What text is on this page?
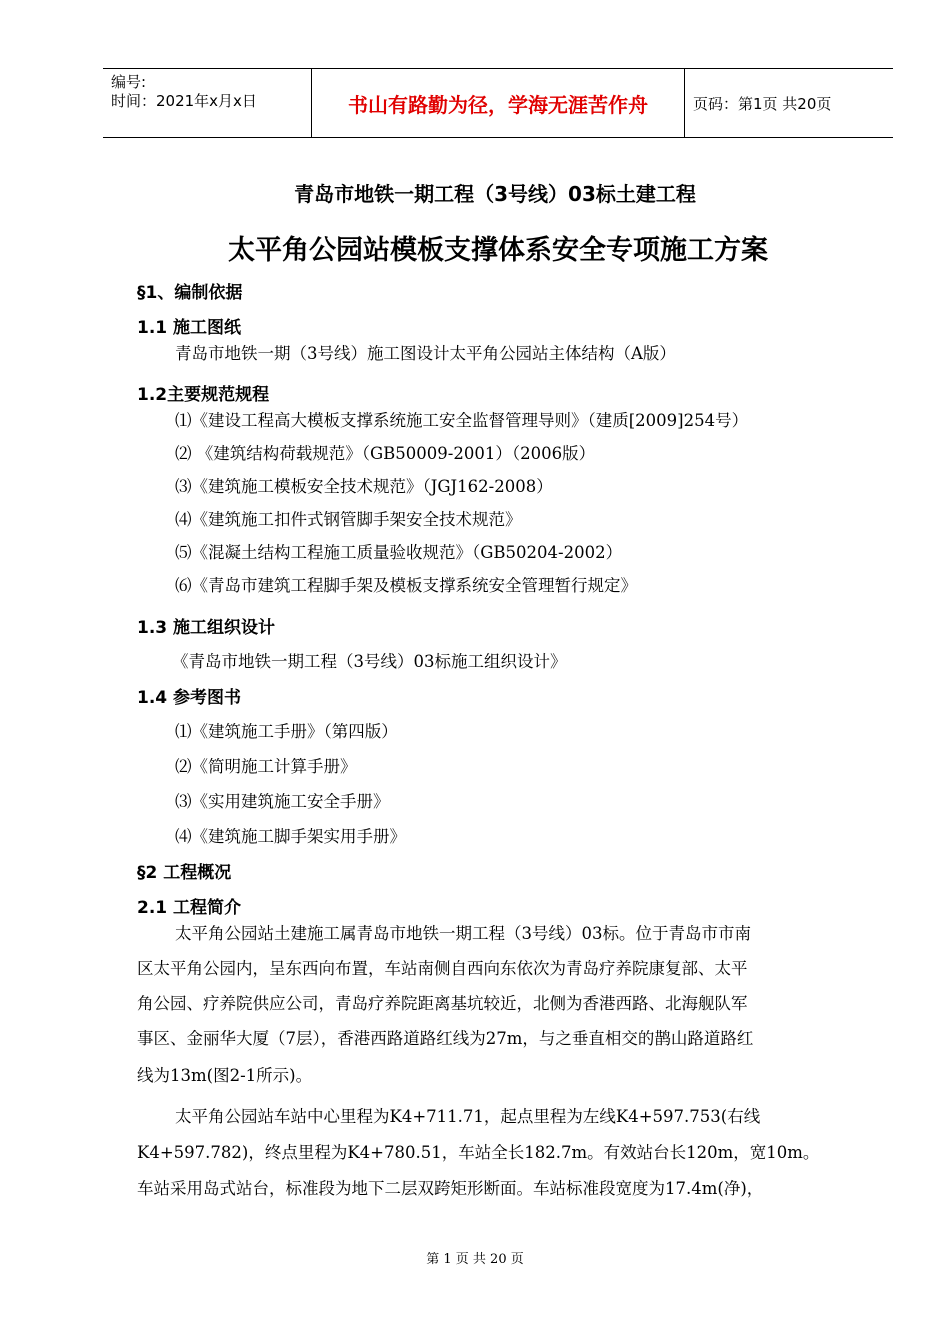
编号:
时间：2021年x月x日	书山有路勤为径，学海无涯苦作舟	页码：第1页 共20页
青岛市地铁一期工程（3号线）03标土建工程
太平角公园站模板支撑体系安全专项施工方案
§1、编制依据
1.1 施工图纸
青岛市地铁一期（3号线）施工图设计太平角公园站主体结构（A版）
1.2主要规范规程
⑴《建设工程高大模板支撑系统施工安全监督管理导则》（建质[2009]254号）
⑵ 《建筑结构荷载规范》（GB50009-2001）（2006版）
⑶《建筑施工模板安全技术规范》（JGJ162-2008）
⑷《建筑施工扣件式钢管脚手架安全技术规范》
⑸《混凝土结构工程施工质量验收规范》（GB50204-2002）
⑹《青岛市建筑工程脚手架及模板支撑系统安全管理暂行规定》
1.3 施工组织设计
《青岛市地铁一期工程（3号线）03标施工组织设计》
1.4 参考图书
⑴《建筑施工手册》（第四版）
⑵《简明施工计算手册》
⑶《实用建筑施工安全手册》
⑷《建筑施工脚手架实用手册》
§2 工程概况
2.1 工程简介
太平角公园站土建施工属青岛市地铁一期工程（3号线）03标。位于青岛市市南
区太平角公园内，呈东西向布置，车站南侧自西向东依次为青岛疗养院康复部、太平
角公园、疗养院供应公司，青岛疗养院距离基坑较近，北侧为香港西路、北海舰队军
事区、金丽华大厦（7层），香港西路道路红线为27m，与之垂直相交的鹊山路道路红
线为13m(图2-1所示)。
太平角公园站车站中心里程为K4+711.71，起点里程为左线K4+597.753(右线
K4+597.782)，终点里程为K4+780.51，车站全长182.7m。有效站台长120m，宽10m。
车站采用岛式站台，标准段为地下二层双跨矩形断面。车站标准段宽度为17.4m(净)，
第 1 页 共 20 页
